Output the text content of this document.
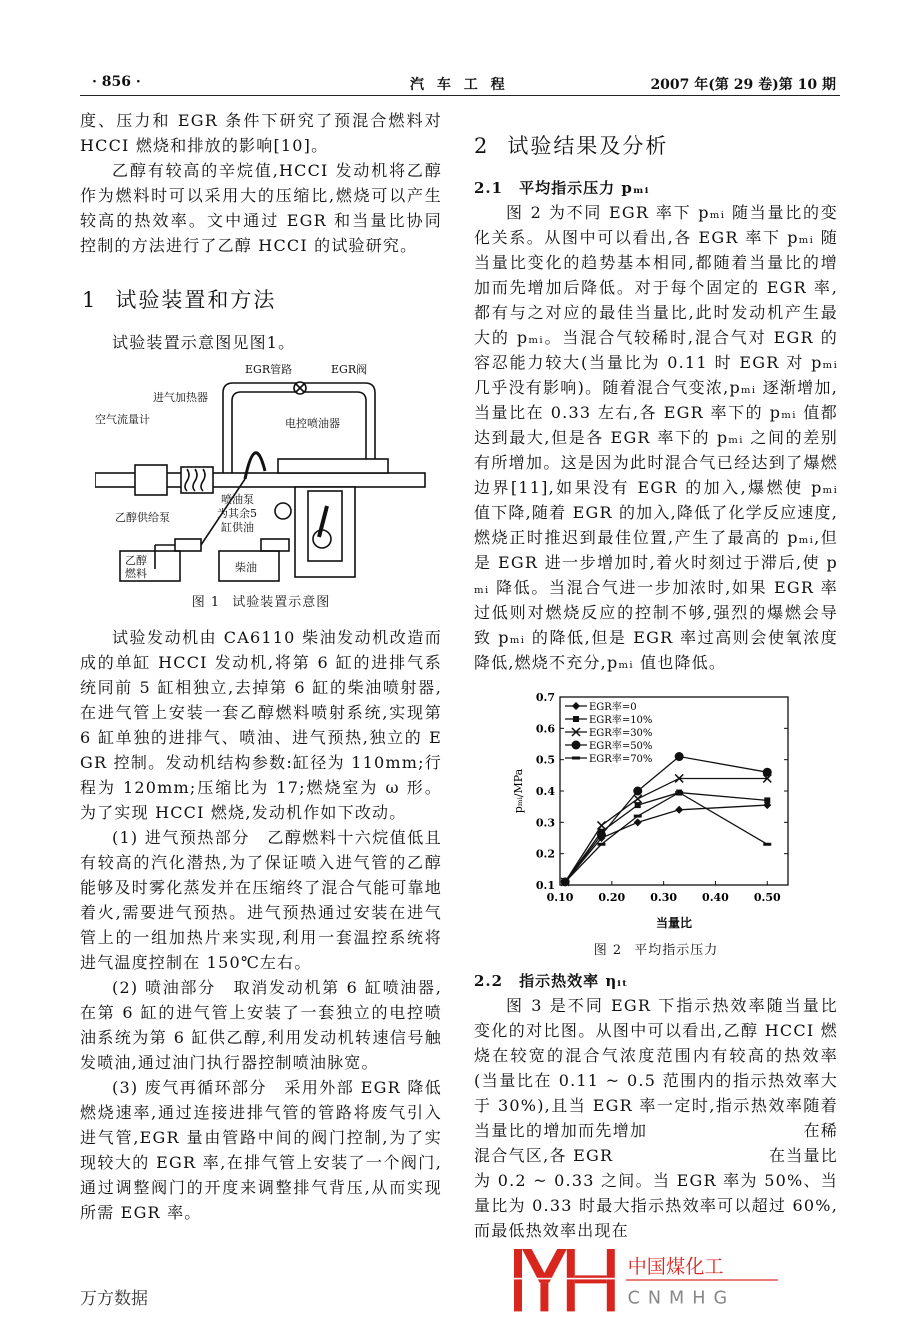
· 856 ·	汽 车 工 程	2007 年(第 29 卷)第 10 期

度、压力和 EGR 条件下研究了预混合燃料对 HCCI 燃烧和排放的影响[10]。

乙醇有较高的辛烷值,HCCI 发动机将乙醇作为燃料时可以采用大的压缩比,燃烧可以产生较高的热效率。文中通过 EGR 和当量比协同控制的方法进行了乙醇 HCCI 的试验研究。

1 试验装置和方法

试验装置示意图见图1。

EGR管路	EGR阀
进气加热器
空气流量计	电控喷油器
喷油泵
为其余5
缸供油
乙醇供给泵
乙醇
燃料	柴油
图 1 试验装置示意图

试验发动机由 CA6110 柴油发动机改造而成的单缸 HCCI 发动机,将第 6 缸的进排气系统同前 5 缸相独立,去掉第 6 缸的柴油喷射器,在进气管上安装一套乙醇燃料喷射系统,实现第 6 缸单独的进排气、喷油、进气预热,独立的 EGR 控制。发动机结构参数:缸径为 110mm;行程为 120mm;压缩比为 17;燃烧室为 ω 形。为了实现 HCCI 燃烧,发动机作如下改动。

(1) 进气预热部分　乙醇燃料十六烷值低且有较高的汽化潜热,为了保证喷入进气管的乙醇能够及时雾化蒸发并在压缩终了混合气能可靠地着火,需要进气预热。进气预热通过安装在进气管上的一组加热片来实现,利用一套温控系统将进气温度控制在 150℃左右。

(2) 喷油部分　取消发动机第 6 缸喷油器,在第 6 缸的进气管上安装了一套独立的电控喷油系统为第 6 缸供乙醇,利用发动机转速信号触发喷油,通过油门执行器控制喷油脉宽。

(3) 废气再循环部分　采用外部 EGR 降低燃烧速率,通过连接进排气管的管路将废气引入进气管,EGR 量由管路中间的阀门控制,为了实现较大的 EGR 率,在排气管上安装了一个阀门,通过调整阀门的开度来调整排气背压,从而实现所需 EGR 率。

2 试验结果及分析
2.1 平均指示压力 pₘᵢ

图 2 为不同 EGR 率下 pₘᵢ 随当量比的变化关系。从图中可以看出,各 EGR 率下 pₘᵢ 随当量比变化的趋势基本相同,都随着当量比的增加而先增加后降低。对于每个固定的 EGR 率,都有与之对应的最佳当量比,此时发动机产生最大的 pₘᵢ。当混合气较稀时,混合气对 EGR 的容忍能力较大(当量比为 0.11 时 EGR 对 pₘᵢ 几乎没有影响)。随着混合气变浓,pₘᵢ 逐渐增加,当量比在 0.33 左右,各 EGR 率下的 pₘᵢ 值都达到最大,但是各 EGR 率下的 pₘᵢ 之间的差别有所增加。这是因为此时混合气已经达到了爆燃边界[11],如果没有 EGR 的加入,爆燃使 pₘᵢ 值下降,随着 EGR 的加入,降低了化学反应速度,燃烧正时推迟到最佳位置,产生了最高的 pₘᵢ,但是 EGR 进一步增加时,着火时刻过于滞后,使 pₘᵢ 降低。当混合气进一步加浓时,如果 EGR 率过低则对燃烧反应的控制不够,强烈的爆燃会导致 pₘᵢ 的降低,但是 EGR 率过高则会使氧浓度降低,燃烧不充分,pₘᵢ 值也降低。

0.1
0.2
0.3
0.4
0.5
0.6
0.7
0.10 0.20 0.30 0.40 0.50
当量比
pₘᵢ/MPa
EGR率=0
EGR率=10%
EGR率=30%
EGR率=50%
EGR率=70%
图 2 平均指示压力
2.2 指示热效率 ηᵢₜ

图 3 是不同 EGR 下指示热效率随当量比变化的对比图。从图中可以看出,乙醇 HCCI 燃烧在较宽的混合气浓度范围内有较高的热效率(当量比在 0.11 ~ 0.5 范围内的指示热效率大于 30%),且当 EGR 率一定时,指示热效率随着当量比的增加而先增加　　　　　　　　　在稀混合气区,各 EGR　　　　　　　　　在当量比为 0.2 ~ 0.33 之间。当 EGR 率为 50%、当量比为 0.33 时最大指示热效率可以超过 60%,而最低热效率出现在

中国煤化工
CNMHG
万方数据
